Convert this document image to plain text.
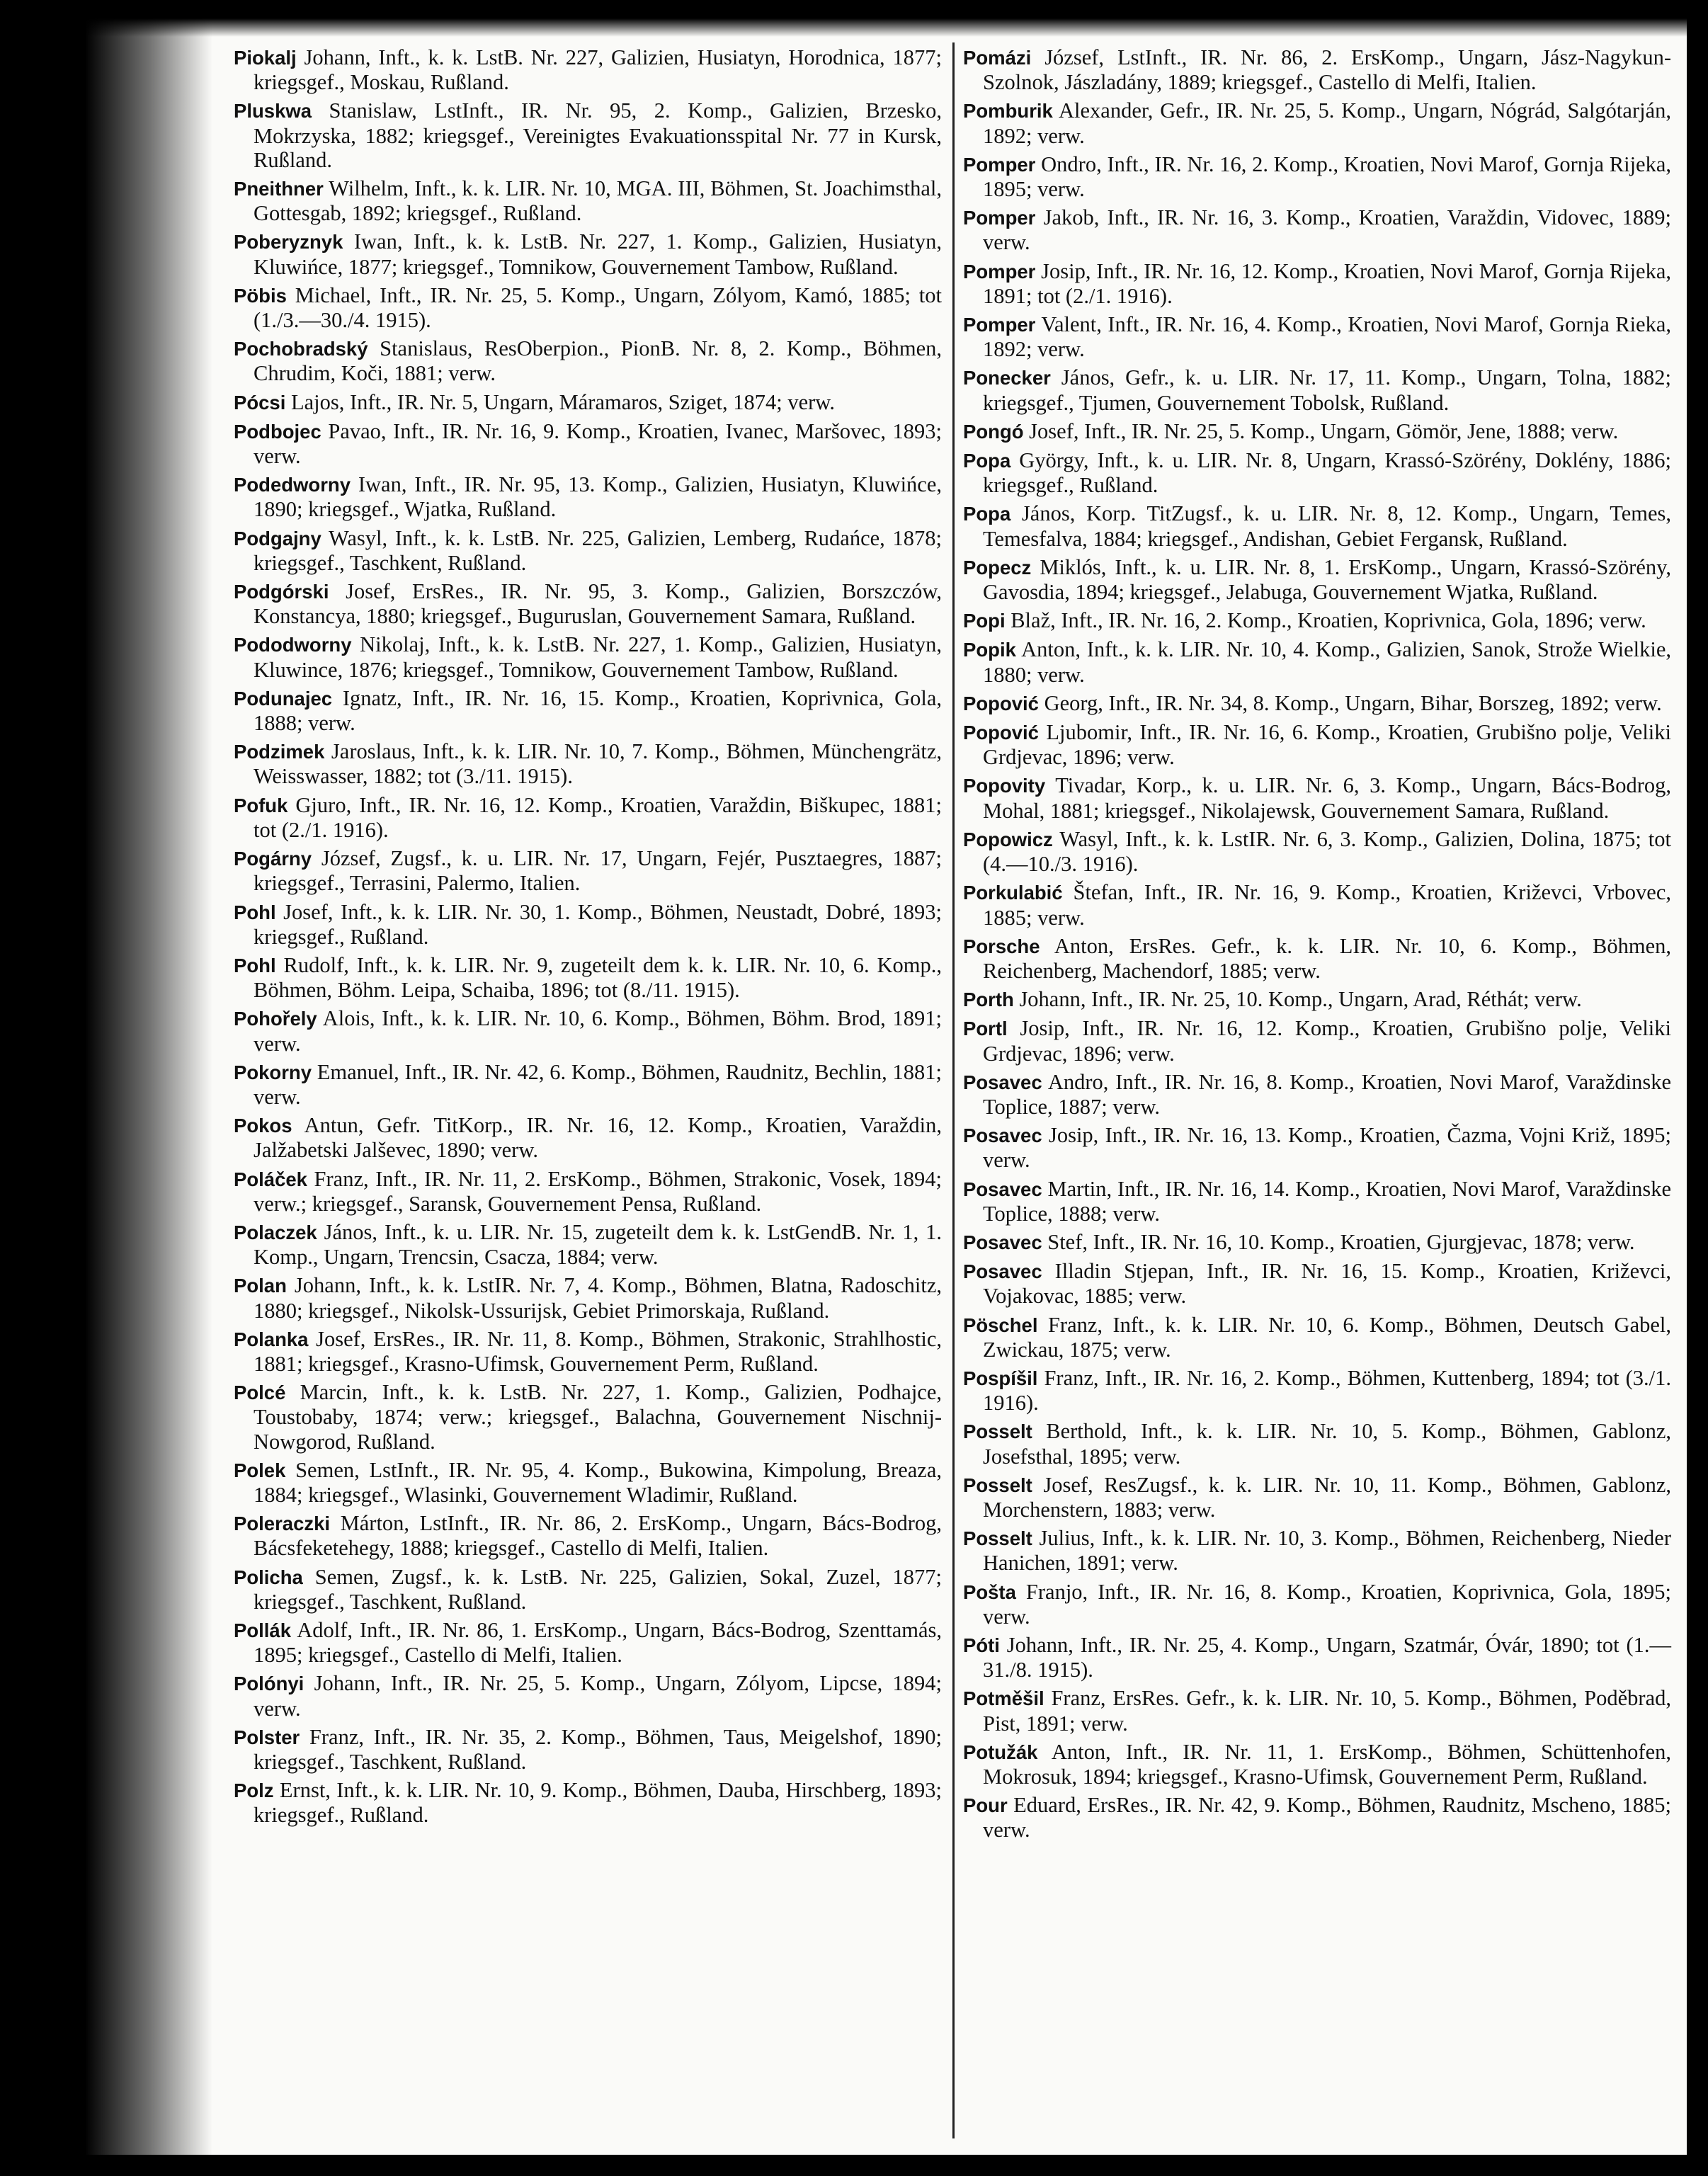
Piokalj Johann, Inft., k. k. LstB. Nr. 227, Galizien, Husiatyn, Horodnica, 1877; kriegsgef., Moskau, Rußland.

Pluskwa Stanislaw, LstInft., IR. Nr. 95, 2. Komp., Galizien, Brzesko, Mokrzyska, 1882; kriegsgef., Vereinigtes Evakuationsspital Nr. 77 in Kursk, Rußland.

Pneithner Wilhelm, Inft., k. k. LIR. Nr. 10, MGA. III, Böhmen, St. Joachimsthal, Gottesgab, 1892; kriegsgef., Rußland.

Poberyznyk Iwan, Inft., k. k. LstB. Nr. 227, 1. Komp., Galizien, Husiatyn, Kluwińce, 1877; kriegsgef., Tomnikow, Gouvernement Tambow, Rußland.

Pöbis Michael, Inft., IR. Nr. 25, 5. Komp., Ungarn, Zólyom, Kamó, 1885; tot (1./3.—30./4. 1915).

Pochobradský Stanislaus, ResOberpion., PionB. Nr. 8, 2. Komp., Böhmen, Chrudim, Koči, 1881; verw.

Pócsi Lajos, Inft., IR. Nr. 5, Ungarn, Máramaros, Sziget, 1874; verw.

Podbojec Pavao, Inft., IR. Nr. 16, 9. Komp., Kroatien, Ivanec, Maršovec, 1893; verw.

Podedworny Iwan, Inft., IR. Nr. 95, 13. Komp., Galizien, Husiatyn, Kluwińce, 1890; kriegsgef., Wjatka, Rußland.

Podgajny Wasyl, Inft., k. k. LstB. Nr. 225, Galizien, Lemberg, Rudańce, 1878; kriegsgef., Taschkent, Rußland.

Podgórski Josef, ErsRes., IR. Nr. 95, 3. Komp., Galizien, Borszczów, Konstancya, 1880; kriegsgef., Buguruslan, Gouvernement Samara, Rußland.

Pododworny Nikolaj, Inft., k. k. LstB. Nr. 227, 1. Komp., Galizien, Husiatyn, Kluwince, 1876; kriegsgef., Tomnikow, Gouvernement Tambow, Rußland.

Podunajec Ignatz, Inft., IR. Nr. 16, 15. Komp., Kroatien, Koprivnica, Gola, 1888; verw.

Podzimek Jaroslaus, Inft., k. k. LIR. Nr. 10, 7. Komp., Böhmen, Münchengrätz, Weisswasser, 1882; tot (3./11. 1915).

Pofuk Gjuro, Inft., IR. Nr. 16, 12. Komp., Kroatien, Varaždin, Biškupec, 1881; tot (2./1. 1916).

Pogárny József, Zugsf., k. u. LIR. Nr. 17, Ungarn, Fejér, Pusztaegres, 1887; kriegsgef., Terrasini, Palermo, Italien.

Pohl Josef, Inft., k. k. LIR. Nr. 30, 1. Komp., Böhmen, Neustadt, Dobré, 1893; kriegsgef., Rußland.

Pohl Rudolf, Inft., k. k. LIR. Nr. 9, zugeteilt dem k. k. LIR. Nr. 10, 6. Komp., Böhmen, Böhm. Leipa, Schaiba, 1896; tot (8./11. 1915).

Pohořely Alois, Inft., k. k. LIR. Nr. 10, 6. Komp., Böhmen, Böhm. Brod, 1891; verw.

Pokorny Emanuel, Inft., IR. Nr. 42, 6. Komp., Böhmen, Raudnitz, Bechlin, 1881; verw.

Pokos Antun, Gefr. TitKorp., IR. Nr. 16, 12. Komp., Kroatien, Varaždin, Jalžabetski Jalševec, 1890; verw.

Poláček Franz, Inft., IR. Nr. 11, 2. ErsKomp., Böhmen, Strakonic, Vosek, 1894; verw.; kriegsgef., Saransk, Gouvernement Pensa, Rußland.

Polaczek János, Inft., k. u. LIR. Nr. 15, zugeteilt dem k. k. LstGendB. Nr. 1, 1. Komp., Ungarn, Trencsin, Csacza, 1884; verw.

Polan Johann, Inft., k. k. LstIR. Nr. 7, 4. Komp., Böhmen, Blatna, Radoschitz, 1880; kriegsgef., Nikolsk-Ussurijsk, Gebiet Primorskaja, Rußland.

Polanka Josef, ErsRes., IR. Nr. 11, 8. Komp., Böhmen, Strakonic, Strahlhostic, 1881; kriegsgef., Krasno-Ufimsk, Gouvernement Perm, Rußland.

Polcé Marcin, Inft., k. k. LstB. Nr. 227, 1. Komp., Galizien, Podhajce, Toustobaby, 1874; verw.; kriegsgef., Balachna, Gouvernement Nischnij-Nowgorod, Rußland.

Polek Semen, LstInft., IR. Nr. 95, 4. Komp., Bukowina, Kimpolung, Breaza, 1884; kriegsgef., Wlasinki, Gouvernement Wladimir, Rußland.

Poleraczki Márton, LstInft., IR. Nr. 86, 2. ErsKomp., Ungarn, Bács-Bodrog, Bácsfeketehegy, 1888; kriegsgef., Castello di Melfi, Italien.

Policha Semen, Zugsf., k. k. LstB. Nr. 225, Galizien, Sokal, Zuzel, 1877; kriegsgef., Taschkent, Rußland.

Pollák Adolf, Inft., IR. Nr. 86, 1. ErsKomp., Ungarn, Bács-Bodrog, Szenttamás, 1895; kriegsgef., Castello di Melfi, Italien.

Polónyi Johann, Inft., IR. Nr. 25, 5. Komp., Ungarn, Zólyom, Lipcse, 1894; verw.

Polster Franz, Inft., IR. Nr. 35, 2. Komp., Böhmen, Taus, Meigelshof, 1890; kriegsgef., Taschkent, Rußland.

Polz Ernst, Inft., k. k. LIR. Nr. 10, 9. Komp., Böhmen, Dauba, Hirschberg, 1893; kriegsgef., Rußland.

Pomázi József, LstInft., IR. Nr. 86, 2. ErsKomp., Ungarn, Jász-Nagykun-Szolnok, Jászladány, 1889; kriegsgef., Castello di Melfi, Italien.

Pomburik Alexander, Gefr., IR. Nr. 25, 5. Komp., Ungarn, Nógrád, Salgótarján, 1892; verw.

Pomper Ondro, Inft., IR. Nr. 16, 2. Komp., Kroatien, Novi Marof, Gornja Rijeka, 1895; verw.

Pomper Jakob, Inft., IR. Nr. 16, 3. Komp., Kroatien, Varaždin, Vidovec, 1889; verw.

Pomper Josip, Inft., IR. Nr. 16, 12. Komp., Kroatien, Novi Marof, Gornja Rijeka, 1891; tot (2./1. 1916).

Pomper Valent, Inft., IR. Nr. 16, 4. Komp., Kroatien, Novi Marof, Gornja Rieka, 1892; verw.

Ponecker János, Gefr., k. u. LIR. Nr. 17, 11. Komp., Ungarn, Tolna, 1882; kriegsgef., Tjumen, Gouvernement Tobolsk, Rußland.

Pongó Josef, Inft., IR. Nr. 25, 5. Komp., Ungarn, Gömör, Jene, 1888; verw.

Popa György, Inft., k. u. LIR. Nr. 8, Ungarn, Krassó-Szörény, Doklény, 1886; kriegsgef., Rußland.

Popa János, Korp. TitZugsf., k. u. LIR. Nr. 8, 12. Komp., Ungarn, Temes, Temesfalva, 1884; kriegsgef., Andishan, Gebiet Fergansk, Rußland.

Popecz Miklós, Inft., k. u. LIR. Nr. 8, 1. ErsKomp., Ungarn, Krassó-Szörény, Gavosdia, 1894; kriegsgef., Jelabuga, Gouvernement Wjatka, Rußland.

Popi Blaž, Inft., IR. Nr. 16, 2. Komp., Kroatien, Koprivnica, Gola, 1896; verw.

Popik Anton, Inft., k. k. LIR. Nr. 10, 4. Komp., Galizien, Sanok, Strože Wielkie, 1880; verw.

Popović Georg, Inft., IR. Nr. 34, 8. Komp., Ungarn, Bihar, Borszeg, 1892; verw.

Popović Ljubomir, Inft., IR. Nr. 16, 6. Komp., Kroatien, Grubišno polje, Veliki Grdjevac, 1896; verw.

Popovity Tivadar, Korp., k. u. LIR. Nr. 6, 3. Komp., Ungarn, Bács-Bodrog, Mohal, 1881; kriegsgef., Nikolajewsk, Gouvernement Samara, Rußland.

Popowicz Wasyl, Inft., k. k. LstIR. Nr. 6, 3. Komp., Galizien, Dolina, 1875; tot (4.—10./3. 1916).

Porkulabić Štefan, Inft., IR. Nr. 16, 9. Komp., Kroatien, Križevci, Vrbovec, 1885; verw.

Porsche Anton, ErsRes. Gefr., k. k. LIR. Nr. 10, 6. Komp., Böhmen, Reichenberg, Machendorf, 1885; verw.

Porth Johann, Inft., IR. Nr. 25, 10. Komp., Ungarn, Arad, Réthát; verw.

Portl Josip, Inft., IR. Nr. 16, 12. Komp., Kroatien, Grubišno polje, Veliki Grdjevac, 1896; verw.

Posavec Andro, Inft., IR. Nr. 16, 8. Komp., Kroatien, Novi Marof, Varaždinske Toplice, 1887; verw.

Posavec Josip, Inft., IR. Nr. 16, 13. Komp., Kroatien, Čazma, Vojni Križ, 1895; verw.

Posavec Martin, Inft., IR. Nr. 16, 14. Komp., Kroatien, Novi Marof, Varaždinske Toplice, 1888; verw.

Posavec Stef, Inft., IR. Nr. 16, 10. Komp., Kroatien, Gjurgjevac, 1878; verw.

Posavec Illadin Stjepan, Inft., IR. Nr. 16, 15. Komp., Kroatien, Križevci, Vojakovac, 1885; verw.

Pöschel Franz, Inft., k. k. LIR. Nr. 10, 6. Komp., Böhmen, Deutsch Gabel, Zwickau, 1875; verw.

Pospíšil Franz, Inft., IR. Nr. 16, 2. Komp., Böhmen, Kuttenberg, 1894; tot (3./1. 1916).

Posselt Berthold, Inft., k. k. LIR. Nr. 10, 5. Komp., Böhmen, Gablonz, Josefsthal, 1895; verw.

Posselt Josef, ResZugsf., k. k. LIR. Nr. 10, 11. Komp., Böhmen, Gablonz, Morchenstern, 1883; verw.

Posselt Julius, Inft., k. k. LIR. Nr. 10, 3. Komp., Böhmen, Reichenberg, Nieder Hanichen, 1891; verw.

Pošta Franjo, Inft., IR. Nr. 16, 8. Komp., Kroatien, Koprivnica, Gola, 1895; verw.

Póti Johann, Inft., IR. Nr. 25, 4. Komp., Ungarn, Szatmár, Óvár, 1890; tot (1.—31./8. 1915).

Potměšil Franz, ErsRes. Gefr., k. k. LIR. Nr. 10, 5. Komp., Böhmen, Poděbrad, Pist, 1891; verw.

Potužák Anton, Inft., IR. Nr. 11, 1. ErsKomp., Böhmen, Schüttenhofen, Mokrosuk, 1894; kriegsgef., Krasno-Ufimsk, Gouvernement Perm, Rußland.

Pour Eduard, ErsRes., IR. Nr. 42, 9. Komp., Böhmen, Raudnitz, Mscheno, 1885; verw.
